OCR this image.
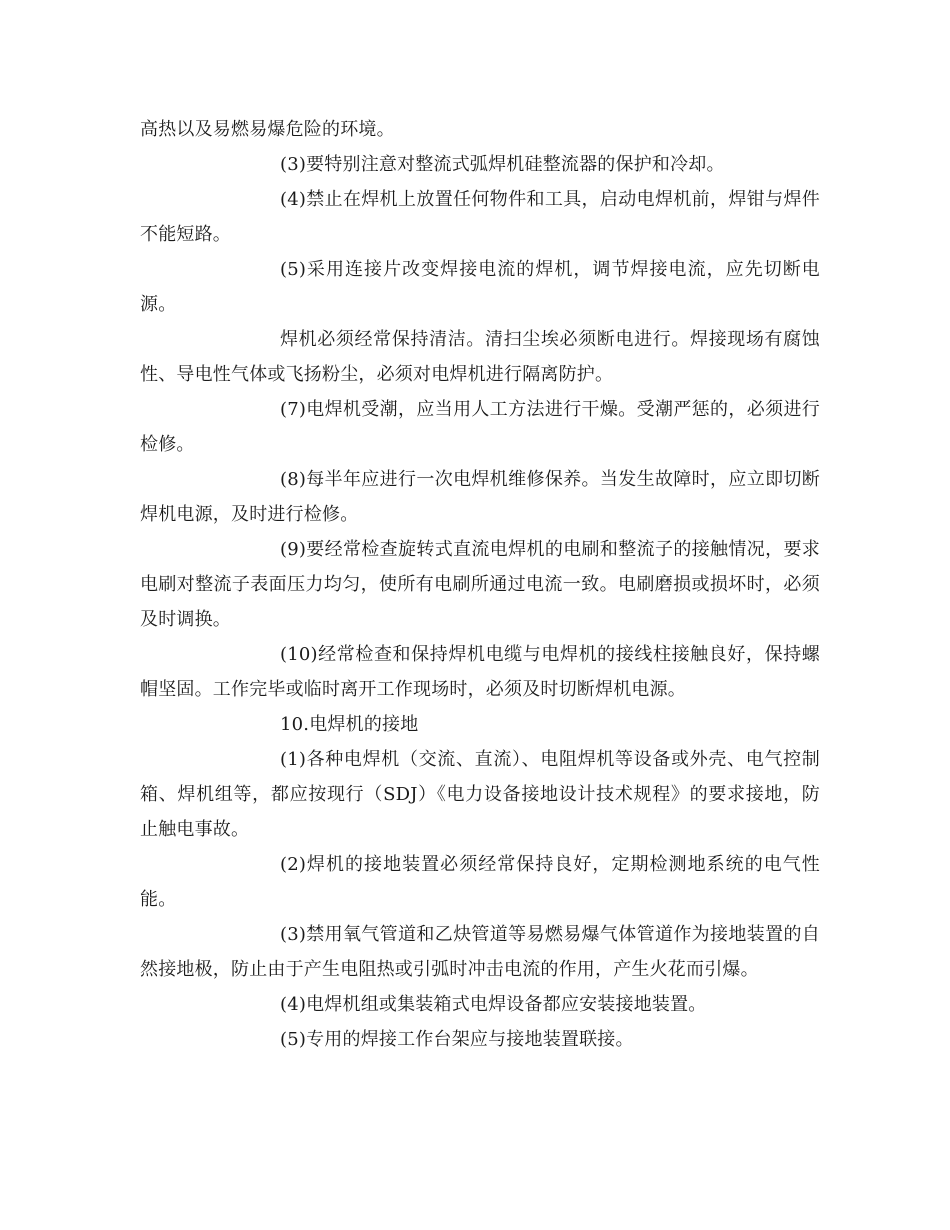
高热以及易燃易爆危险的环境。

(3)要特别注意对整流式弧焊机硅整流器的保护和冷却。

(4)禁止在焊机上放置任何物件和工具，启动电焊机前，焊钳与焊件不能短路。

(5)采用连接片改变焊接电流的焊机，调节焊接电流，应先切断电源。

焊机必须经常保持清洁。清扫尘埃必须断电进行。焊接现场有腐蚀性、导电性气体或飞扬粉尘，必须对电焊机进行隔离防护。

(7)电焊机受潮，应当用人工方法进行干燥。受潮严惩的，必须进行检修。

(8)每半年应进行一次电焊机维修保养。当发生故障时，应立即切断焊机电源，及时进行检修。

(9)要经常检查旋转式直流电焊机的电刷和整流子的接触情况，要求电刷对整流子表面压力均匀，使所有电刷所通过电流一致。电刷磨损或损坏时，必须及时调换。

(10)经常检查和保持焊机电缆与电焊机的接线柱接触良好，保持螺帽坚固。工作完毕或临时离开工作现场时，必须及时切断焊机电源。

10.电焊机的接地

(1)各种电焊机（交流、直流）、电阻焊机等设备或外壳、电气控制箱、焊机组等，都应按现行（SDJ）《电力设备接地设计技术规程》的要求接地，防止触电事故。

(2)焊机的接地装置必须经常保持良好，定期检测地系统的电气性能。

(3)禁用氧气管道和乙炔管道等易燃易爆气体管道作为接地装置的自然接地极，防止由于产生电阻热或引弧时冲击电流的作用，产生火花而引爆。

(4)电焊机组或集装箱式电焊设备都应安装接地装置。

(5)专用的焊接工作台架应与接地装置联接。
